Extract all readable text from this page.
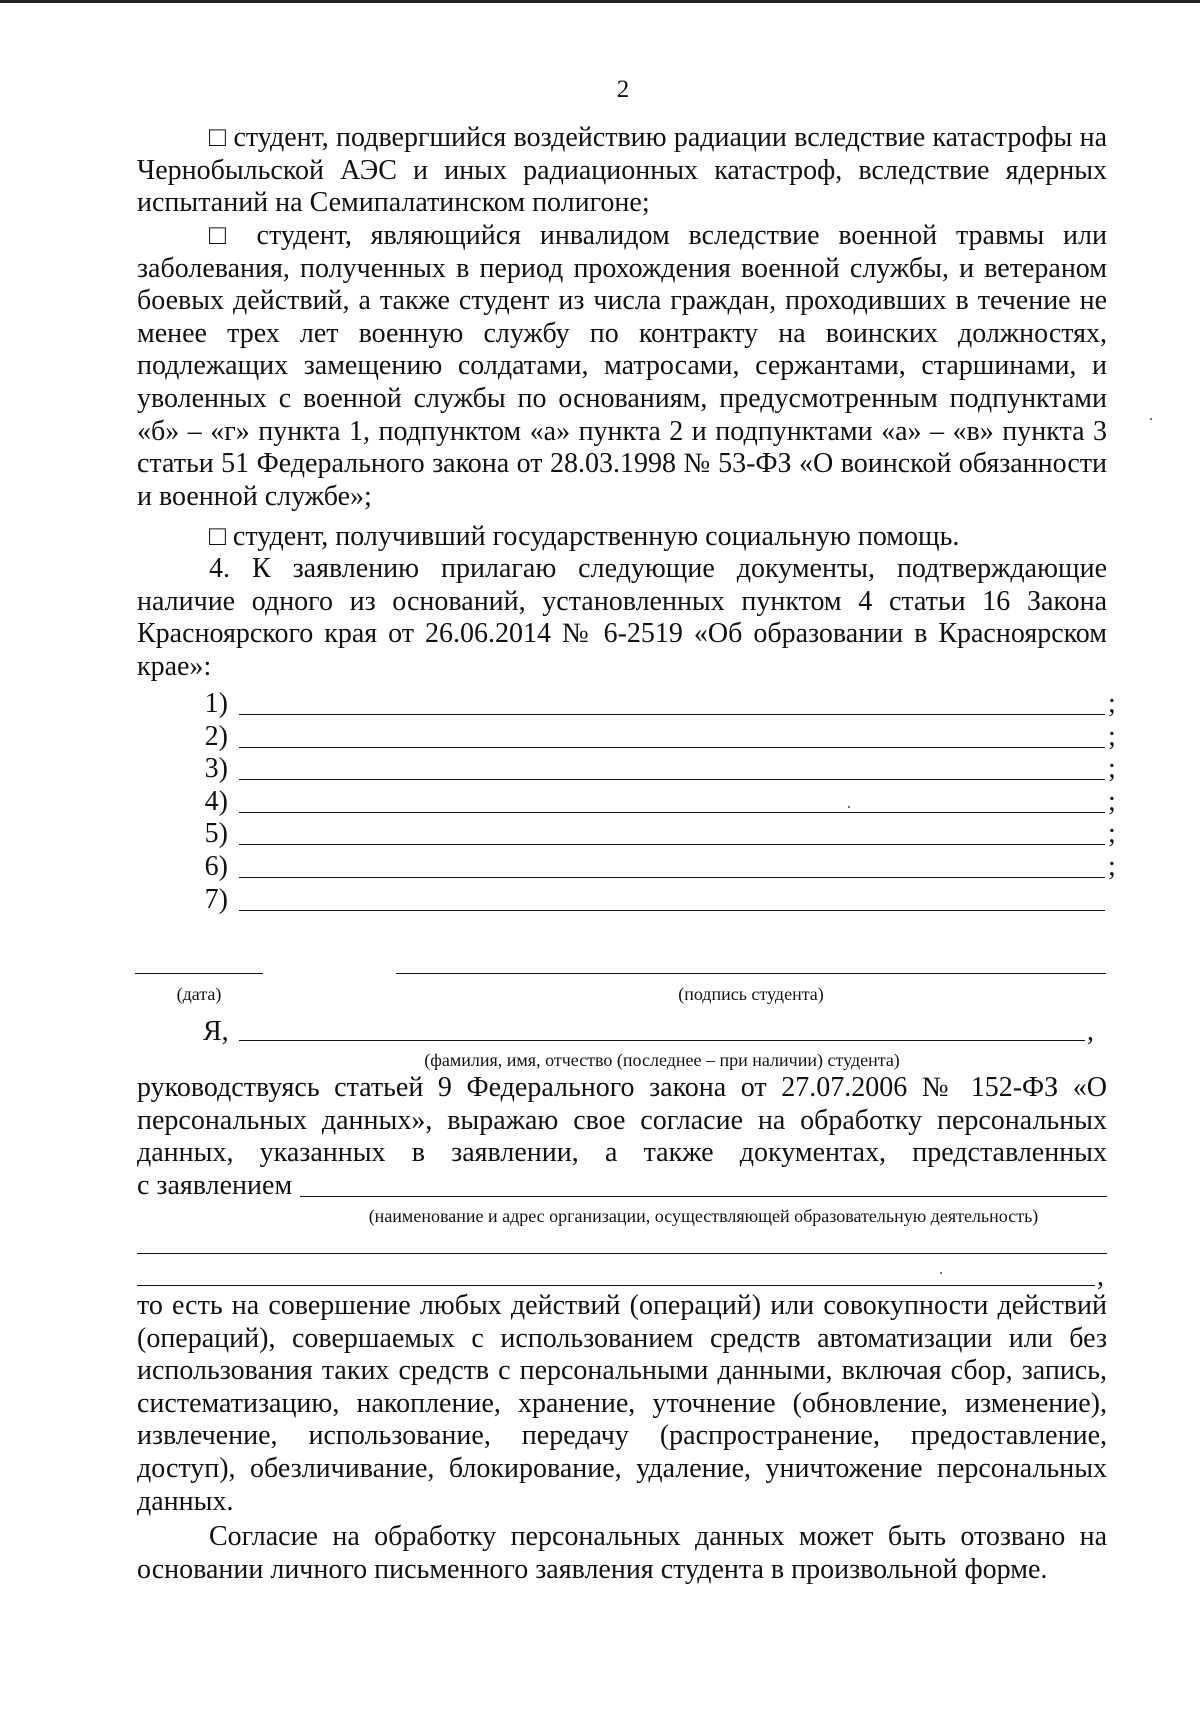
2
□ студент, подвергшийся воздействию радиации вследствие катастрофы на Чернобыльской АЭС и иных радиационных катастроф, вследствие ядерных испытаний на Семипалатинском полигоне;
□ студент, являющийся инвалидом вследствие военной травмы или заболевания, полученных в период прохождения военной службы, и ветераном боевых действий, а также студент из числа граждан, проходивших в течение не менее трех лет военную службу по контракту на воинских должностях, подлежащих замещению солдатами, матросами, сержантами, старшинами, и уволенных с военной службы по основаниям, предусмотренным подпунктами «б» – «г» пункта 1, подпунктом «а» пункта 2 и подпунктами «а» – «в» пункта 3 статьи 51 Федерального закона от 28.03.1998 № 53-ФЗ «О воинской обязанности и военной службе»;
□ студент, получивший государственную социальную помощь.
4. К заявлению прилагаю следующие документы, подтверждающие наличие одного из оснований, установленных пунктом 4 статьи 16 Закона Красноярского края от 26.06.2014 № 6-2519 «Об образовании в Красноярском крае»:
1)	;
2)	;
3)	;
4)	;
5)	;
6)	;
7)
(дата)	(подпись студента)
Я,	,
(фамилия, имя, отчество (последнее – при наличии) студента)
руководствуясь статьей 9 Федерального закона от 27.07.2006 № 152-ФЗ «О персональных данных», выражаю свое согласие на обработку персональных данных, указанных в заявлении, а также документах, представленных
с заявлением
(наименование и адрес организации, осуществляющей образовательную деятельность)
,
то есть на совершение любых действий (операций) или совокупности действий (операций), совершаемых с использованием средств автоматизации или без использования таких средств с персональными данными, включая сбор, запись, систематизацию, накопление, хранение, уточнение (обновление, изменение), извлечение, использование, передачу (распространение, предоставление, доступ), обезличивание, блокирование, удаление, уничтожение персональных данных.
Согласие на обработку персональных данных может быть отозвано на основании личного письменного заявления студента в произвольной форме.
